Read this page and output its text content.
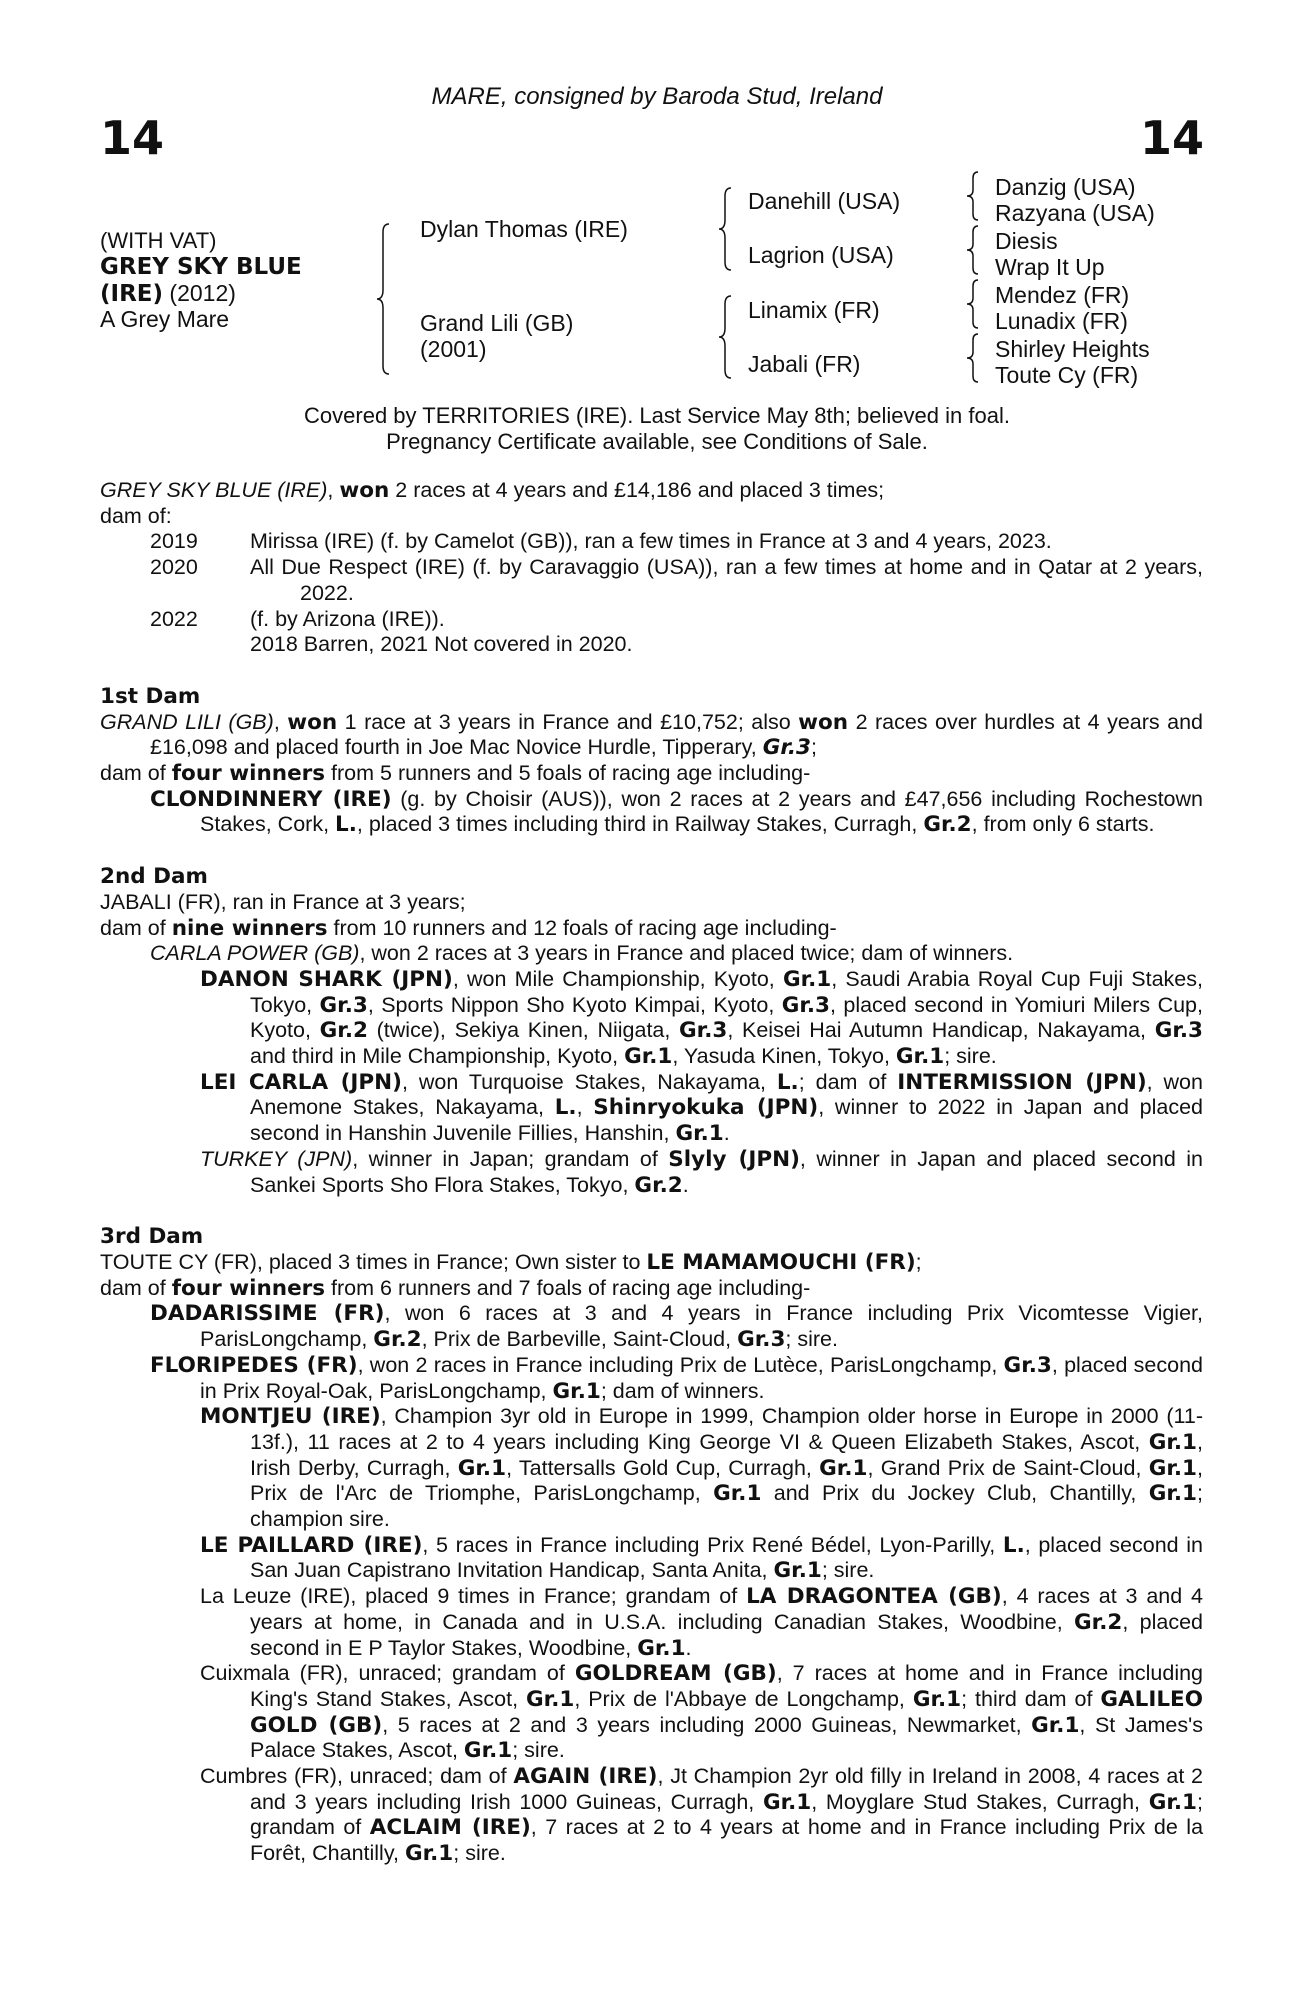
14	14
MARE, consigned by Baroda Stud, Ireland
(WITH VAT)
GREY SKY BLUE
(IRE) (2012)
A Grey Mare
Dylan Thomas (IRE)
Grand Lili (GB)
(2001)
Danehill (USA)
Lagrion (USA)
Linamix (FR)
Jabali (FR)
Danzig (USA)
Razyana (USA)
Diesis
Wrap It Up
Mendez (FR)
Lunadix (FR)
Shirley Heights
Toute Cy (FR)
Covered by TERRITORIES (IRE). Last Service May 8th; believed in foal.
Pregnancy Certificate available, see Conditions of Sale.
GREY SKY BLUE (IRE), won 2 races at 4 years and £14,186 and placed 3 times;
dam of:
2019 Mirissa (IRE) (f. by Camelot (GB)), ran a few times in France at 3 and 4 years, 2023.
2020 All Due Respect (IRE) (f. by Caravaggio (USA)), ran a few times at home and in Qatar at 2 years, 2022.
2022 (f. by Arizona (IRE)).
2018 Barren, 2021 Not covered in 2020.
1st Dam
GRAND LILI (GB), won 1 race at 3 years in France and £10,752; also won 2 races over hurdles at 4 years and £16,098 and placed fourth in Joe Mac Novice Hurdle, Tipperary, Gr.3;
dam of four winners from 5 runners and 5 foals of racing age including-
CLONDINNERY (IRE) (g. by Choisir (AUS)), won 2 races at 2 years and £47,656 including Rochestown Stakes, Cork, L., placed 3 times including third in Railway Stakes, Curragh, Gr.2, from only 6 starts.
2nd Dam
JABALI (FR), ran in France at 3 years;
dam of nine winners from 10 runners and 12 foals of racing age including-
CARLA POWER (GB), won 2 races at 3 years in France and placed twice; dam of winners.
DANON SHARK (JPN), won Mile Championship, Kyoto, Gr.1, Saudi Arabia Royal Cup Fuji Stakes, Tokyo, Gr.3, Sports Nippon Sho Kyoto Kimpai, Kyoto, Gr.3, placed second in Yomiuri Milers Cup, Kyoto, Gr.2 (twice), Sekiya Kinen, Niigata, Gr.3, Keisei Hai Autumn Handicap, Nakayama, Gr.3 and third in Mile Championship, Kyoto, Gr.1, Yasuda Kinen, Tokyo, Gr.1; sire.
LEI CARLA (JPN), won Turquoise Stakes, Nakayama, L.; dam of INTERMISSION (JPN), won Anemone Stakes, Nakayama, L., Shinryokuka (JPN), winner to 2022 in Japan and placed second in Hanshin Juvenile Fillies, Hanshin, Gr.1.
TURKEY (JPN), winner in Japan; grandam of Slyly (JPN), winner in Japan and placed second in Sankei Sports Sho Flora Stakes, Tokyo, Gr.2.
3rd Dam
TOUTE CY (FR), placed 3 times in France; Own sister to LE MAMAMOUCHI (FR);
dam of four winners from 6 runners and 7 foals of racing age including-
DADARISSIME (FR), won 6 races at 3 and 4 years in France including Prix Vicomtesse Vigier, ParisLongchamp, Gr.2, Prix de Barbeville, Saint-Cloud, Gr.3; sire.
FLORIPEDES (FR), won 2 races in France including Prix de Lutèce, ParisLongchamp, Gr.3, placed second in Prix Royal-Oak, ParisLongchamp, Gr.1; dam of winners.
MONTJEU (IRE), Champion 3yr old in Europe in 1999, Champion older horse in Europe in 2000 (11-13f.), 11 races at 2 to 4 years including King George VI & Queen Elizabeth Stakes, Ascot, Gr.1, Irish Derby, Curragh, Gr.1, Tattersalls Gold Cup, Curragh, Gr.1, Grand Prix de Saint-Cloud, Gr.1, Prix de l'Arc de Triomphe, ParisLongchamp, Gr.1 and Prix du Jockey Club, Chantilly, Gr.1; champion sire.
LE PAILLARD (IRE), 5 races in France including Prix René Bédel, Lyon-Parilly, L., placed second in San Juan Capistrano Invitation Handicap, Santa Anita, Gr.1; sire.
La Leuze (IRE), placed 9 times in France; grandam of LA DRAGONTEA (GB), 4 races at 3 and 4 years at home, in Canada and in U.S.A. including Canadian Stakes, Woodbine, Gr.2, placed second in E P Taylor Stakes, Woodbine, Gr.1.
Cuixmala (FR), unraced; grandam of GOLDREAM (GB), 7 races at home and in France including King's Stand Stakes, Ascot, Gr.1, Prix de l'Abbaye de Longchamp, Gr.1; third dam of GALILEO GOLD (GB), 5 races at 2 and 3 years including 2000 Guineas, Newmarket, Gr.1, St James's Palace Stakes, Ascot, Gr.1; sire.
Cumbres (FR), unraced; dam of AGAIN (IRE), Jt Champion 2yr old filly in Ireland in 2008, 4 races at 2 and 3 years including Irish 1000 Guineas, Curragh, Gr.1, Moyglare Stud Stakes, Curragh, Gr.1; grandam of ACLAIM (IRE), 7 races at 2 to 4 years at home and in France including Prix de la Forêt, Chantilly, Gr.1; sire.
